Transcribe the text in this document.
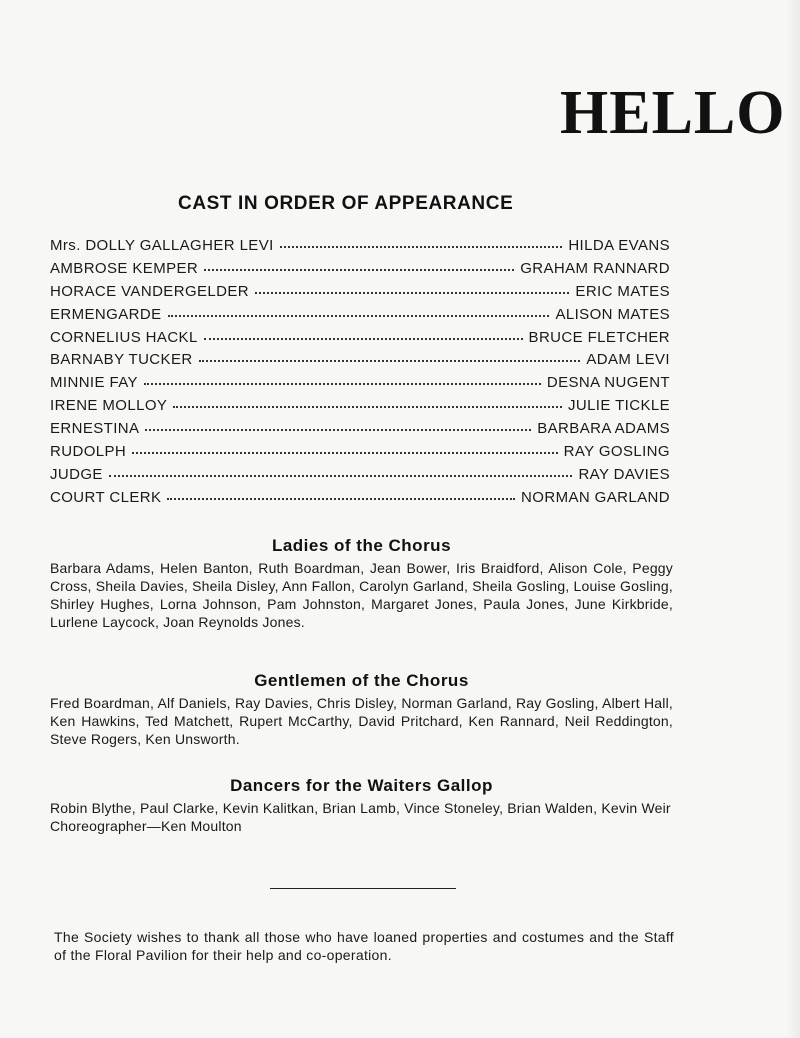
HELLO
CAST IN ORDER OF APPEARANCE
Mrs. DOLLY GALLAGHER LEVI	HILDA EVANS
AMBROSE KEMPER	GRAHAM RANNARD
HORACE VANDERGELDER	ERIC MATES
ERMENGARDE	ALISON MATES
CORNELIUS HACKL	BRUCE FLETCHER
BARNABY TUCKER	ADAM LEVI
MINNIE FAY	DESNA NUGENT
IRENE MOLLOY	JULIE TICKLE
ERNESTINA	BARBARA ADAMS
RUDOLPH	RAY GOSLING
JUDGE	RAY DAVIES
COURT CLERK	NORMAN GARLAND
Ladies of the Chorus
Barbara Adams, Helen Banton, Ruth Boardman, Jean Bower, Iris Braidford, Alison Cole, Peggy Cross, Sheila Davies, Sheila Disley, Ann Fallon, Carolyn Garland, Sheila Gosling, Louise Gosling, Shirley Hughes, Lorna Johnson, Pam Johnston, Margaret Jones, Paula Jones, June Kirkbride, Lurlene Laycock, Joan Reynolds Jones.
Gentlemen of the Chorus
Fred Boardman, Alf Daniels, Ray Davies, Chris Disley, Norman Garland, Ray Gosling, Albert Hall, Ken Hawkins, Ted Matchett, Rupert McCarthy, David Pritchard, Ken Rannard, Neil Reddington, Steve Rogers, Ken Unsworth.
Dancers for the Waiters Gallop
Robin Blythe, Paul Clarke, Kevin Kalitkan, Brian Lamb, Vince Stoneley, Brian Walden, Kevin Weir
Choreographer—Ken Moulton
The Society wishes to thank all those who have loaned properties and costumes and the Staff of the Floral Pavilion for their help and co-operation.
